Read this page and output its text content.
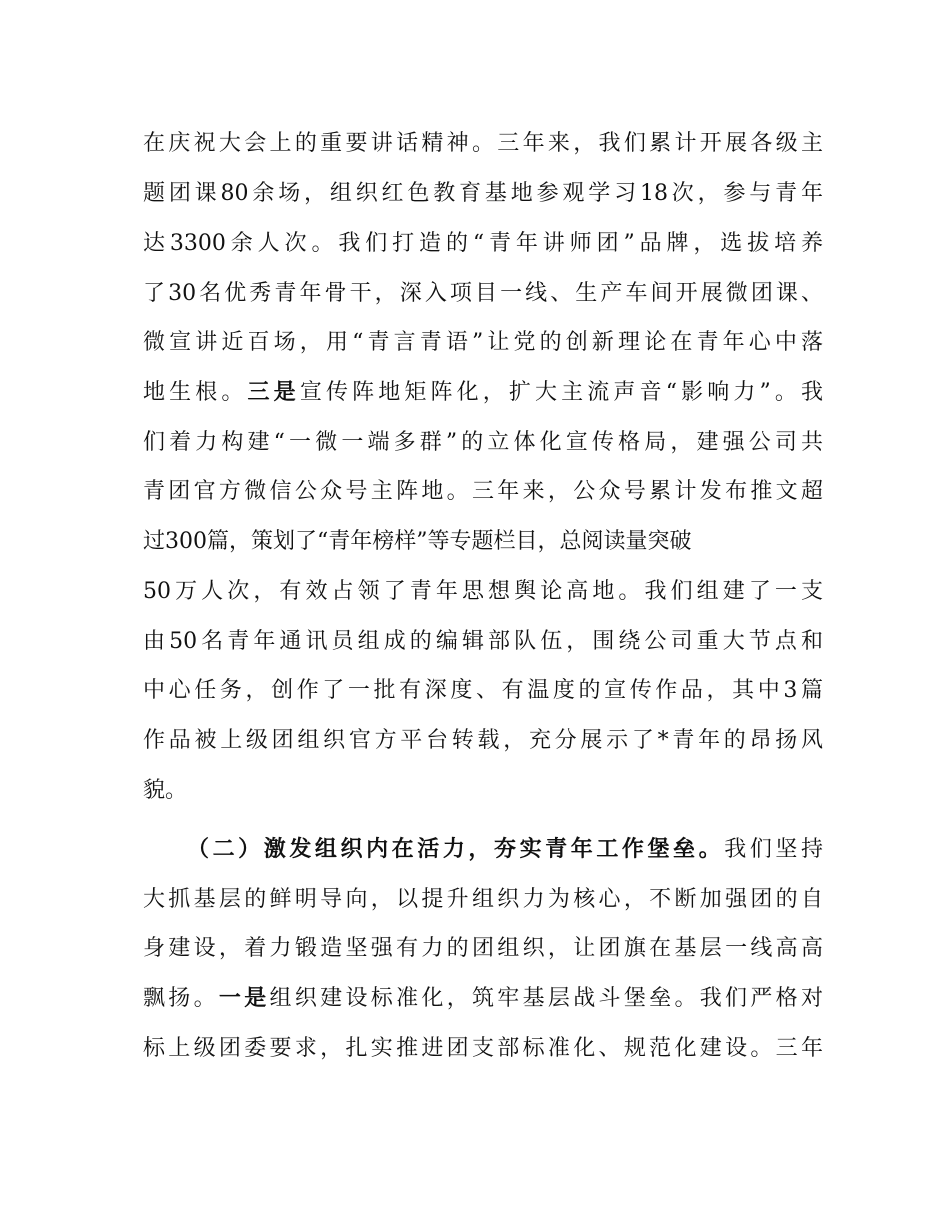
在庆祝大会上的重要讲话精神。三年来，我们累计开展各级主
题团课80余场，组织红色教育基地参观学习18次，参与青年
达3300余人次。我们打造的“青年讲师团”品牌，选拔培养
了30名优秀青年骨干，深入项目一线、生产车间开展微团课、
微宣讲近百场，用“青言青语”让党的创新理论在青年心中落
地生根。三是宣传阵地矩阵化，扩大主流声音“影响力”。我
们着力构建“一微一端多群”的立体化宣传格局，建强公司共
青团官方微信公众号主阵地。三年来，公众号累计发布推文超
过300篇，策划了“青年榜样”等专题栏目，总阅读量突破
50万人次，有效占领了青年思想舆论高地。我们组建了一支
由50名青年通讯员组成的编辑部队伍，围绕公司重大节点和
中心任务，创作了一批有深度、有温度的宣传作品，其中3篇
作品被上级团组织官方平台转载，充分展示了*青年的昂扬风
貌。
（二）激发组织内在活力，夯实青年工作堡垒。我们坚持
大抓基层的鲜明导向，以提升组织力为核心，不断加强团的自
身建设，着力锻造坚强有力的团组织，让团旗在基层一线高高
飘扬。一是组织建设标准化，筑牢基层战斗堡垒。我们严格对
标上级团委要求，扎实推进团支部标准化、规范化建设。三年
